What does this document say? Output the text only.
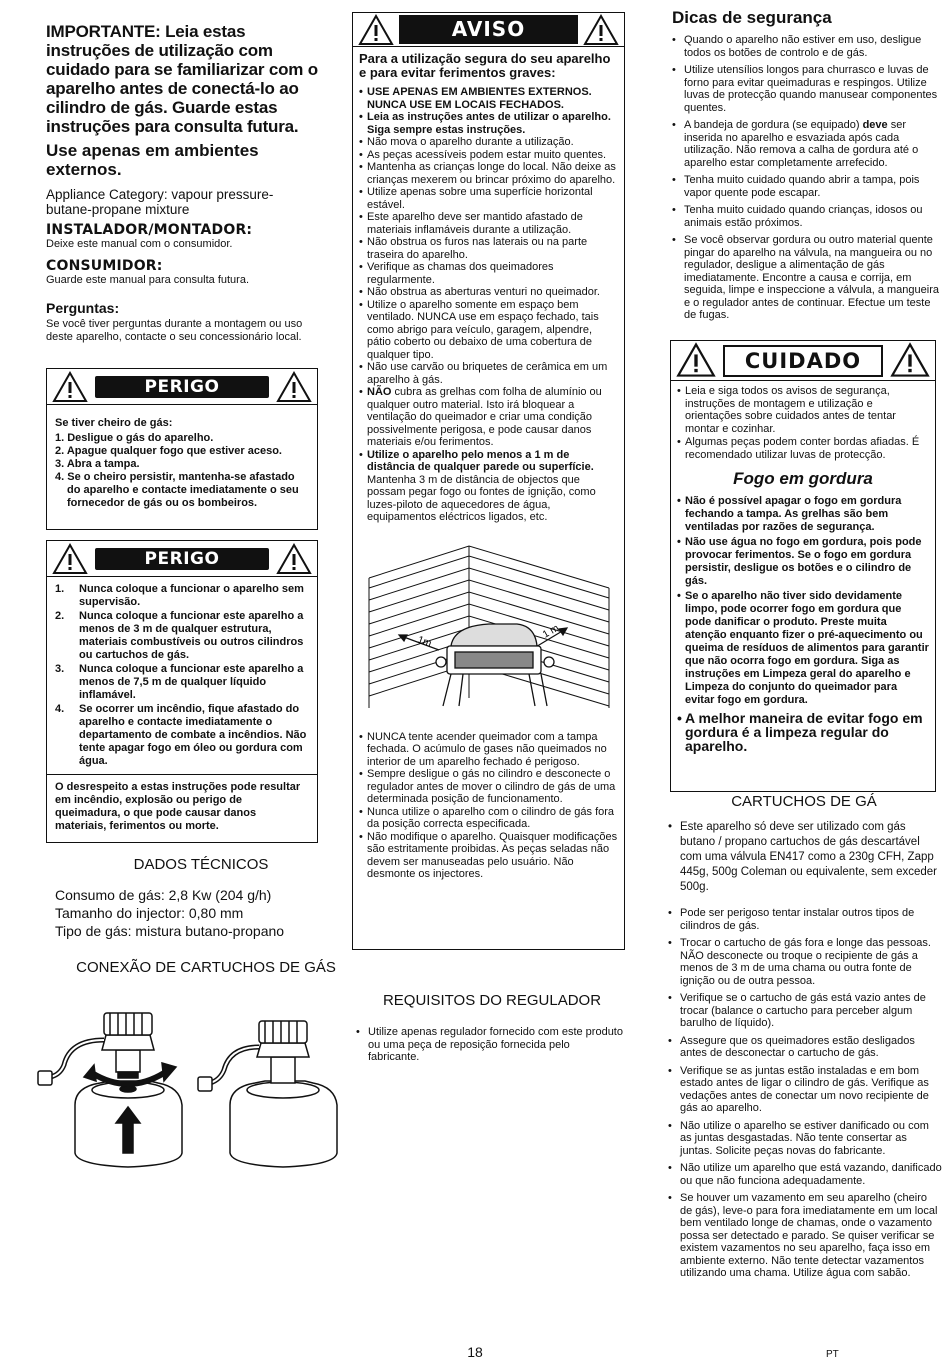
IMPORTANTE: Leia estas instruções de utilização com cuidado para se familiarizar com o aparelho antes de conectá-lo ao cilindro de gás. Guarde estas instruções para consulta futura.
Use apenas em ambientes externos.
Appliance Category: vapour pressure-butane-propane mixture
INSTALADOR/MONTADOR:
Deixe este manual com o consumidor.
CONSUMIDOR:
Guarde este manual para consulta futura.
Perguntas:
Se você tiver perguntas durante a montagem ou uso deste aparelho, contacte o seu concessionário local.
PERIGO
Se tiver cheiro de gás:
1. Desligue o gás do aparelho.
2. Apague qualquer fogo que estiver aceso.
3. Abra a tampa.
4. Se o cheiro persistir, mantenha-se afastado do aparelho e contacte imediatamente o seu fornecedor de gás ou os bombeiros.
PERIGO
1.	Nunca coloque a funcionar o aparelho sem supervisão.
2.	Nunca coloque a funcionar este aparelho a menos de 3 m de qualquer estrutura, materiais combustíveis ou outros cilindros ou cartuchos de gás.
3.	Nunca coloque a funcionar este aparelho a menos de 7,5 m de qualquer líquido inflamável.
4.	Se ocorrer um incêndio, fique afastado do aparelho e contacte imediatamente o departamento de combate a incêndios. Não tente apagar fogo em óleo ou gordura com água.
O desrespeito a estas instruções pode resultar em incêndio, explosão ou perigo de queimadura, o que pode causar danos materiais, ferimentos ou morte.
DADOS TÉCNICOS
Consumo de gás: 2,8 Kw (204 g/h)
Tamanho do injector: 0,80 mm
Tipo de gás: mistura butano-propano
CONEXÃO DE CARTUCHOS DE GÁS
AVISO
Para a utilização segura do seu aparelho e para evitar ferimentos graves:
• USE APENAS EM AMBIENTES EXTERNOS. NUNCA USE EM LOCAIS FECHADOS.
• Leia as instruções antes de utilizar o aparelho. Siga sempre estas instruções.
• Não mova o aparelho durante a utilização.
• As peças acessíveis podem estar muito quentes.
• Mantenha as crianças longe do local. Não deixe as crianças mexerem ou brincar próximo do aparelho.
• Utilize apenas sobre uma superfície horizontal estável.
• Este aparelho deve ser mantido afastado de materiais inflamáveis durante a utilização.
• Não obstrua os furos nas laterais ou na parte traseira do aparelho.
• Verifique as chamas dos queimadores regularmente.
• Não obstrua as aberturas venturi no queimador.
• Utilize o aparelho somente em espaço bem ventilado. NUNCA use em espaço fechado, tais como abrigo para veículo, garagem, alpendre, pátio coberto ou debaixo de uma cobertura de qualquer tipo.
• Não use carvão ou briquetes de cerâmica em um aparelho à gás.
• NÃO cubra as grelhas com folha de alumínio ou qualquer outro material. Isto irá bloquear a ventilação do queimador e criar uma condição possivelmente perigosa, e pode causar danos materiais e/ou ferimentos.
• Utilize o aparelho pelo menos a 1 m de distância de qualquer parede ou superfície. Mantenha 3 m de distância de objectos que possam pegar fogo ou fontes de ignição, como luzes-piloto de aquecedores de água, equipamentos eléctricos ligados, etc.
1m
1 m
• NUNCA tente acender queimador com a tampa fechada. O acúmulo de gases não queimados no interior de um aparelho fechado é perigoso.
• Sempre desligue o gás no cilindro e desconecte o regulador antes de mover o cilindro de gás de uma determinada posição de funcionamento.
• Nunca utilize o aparelho com o cilindro de gás fora da posição correcta especificada.
• Não modifique o aparelho. Quaisquer modificações são estritamente proibidas. As peças seladas não devem ser manuseadas pelo usuário. Não desmonte os injectores.
REQUISITOS DO REGULADOR
• Utilize apenas regulador fornecido com este produto ou uma peça de reposição fornecida pelo fabricante.
Dicas de segurança
• Quando o aparelho não estiver em uso, desligue todos os botões de controlo e de gás.
• Utilize utensílios longos para churrasco e luvas de forno para evitar queimaduras e respingos. Utilize luvas de protecção quando manusear componentes quentes.
• A bandeja de gordura (se equipado) deve ser inserida no aparelho e esvaziada após cada utilização. Não remova a calha de gordura até o aparelho estar completamente arrefecido.
• Tenha muito cuidado quando abrir a tampa, pois vapor quente pode escapar.
• Tenha muito cuidado quando crianças, idosos ou animais estão próximos.
• Se você observar gordura ou outro material quente pingar do aparelho na válvula, na mangueira ou no regulador, desligue a alimentação de gás imediatamente. Encontre a causa e corrija, em seguida, limpe e inspeccione a válvula, a mangueira e o regulador antes de continuar. Efectue um teste de fugas.
CUIDADO
• Leia e siga todos os avisos de segurança, instruções de montagem e utilização e orientações sobre cuidados antes de tentar montar e cozinhar.
• Algumas peças podem conter bordas afiadas. É recomendado utilizar luvas de protecção.
Fogo em gordura
• Não é possível apagar o fogo em gordura fechando a tampa. As grelhas são bem ventiladas por razões de segurança.
• Não use água no fogo em gordura, pois pode provocar ferimentos. Se o fogo em gordura persistir, desligue os botões e o cilindro de gás.
• Se o aparelho não tiver sido devidamente limpo, pode ocorrer fogo em gordura que pode danificar o produto. Preste muita atenção enquanto fizer o pré-aquecimento ou queima de resíduos de alimentos para garantir que não ocorra fogo em gordura. Siga as instruções em Limpeza geral do aparelho e Limpeza do conjunto do queimador para evitar fogo em gordura.
• A melhor maneira de evitar fogo em gordura é a limpeza regular do aparelho.
CARTUCHOS DE GÁ
• Este aparelho só deve ser utilizado com gás butano / propano cartuchos de gás descartável com uma válvula EN417 como a 230g CFH, Zapp 445g, 500g Coleman ou equivalente, sem exceder 500g.
• Pode ser perigoso tentar instalar outros tipos de cilindros de gás.
• Trocar o cartucho de gás fora e longe das pessoas. NÃO desconecte ou troque o recipiente de gás a menos de 3 m de uma chama ou outra fonte de ignição ou de outra pessoa.
• Verifique se o cartucho de gás está vazio antes de trocar (balance o cartucho para perceber algum barulho de líquido).
• Assegure que os queimadores estão desligados antes de desconectar o cartucho de gás.
• Verifique se as juntas estão instaladas e em bom estado antes de ligar o cilindro de gás. Verifique as vedações antes de conectar um novo recipiente de gás ao aparelho.
• Não utilize o aparelho se estiver danificado ou com as juntas desgastadas. Não tente consertar as juntas. Solicite peças novas do fabricante.
• Não utilize um aparelho que está vazando, danificado ou que não funciona adequadamente.
• Se houver um vazamento em seu aparelho (cheiro de gás), leve-o para fora imediatamente em um local bem ventilado longe de chamas, onde o vazamento possa ser detectado e parado. Se quiser verificar se existem vazamentos no seu aparelho, faça isso em ambiente externo. Não tente detectar vazamentos utilizando uma chama. Utilize água com sabão.
18	PT
